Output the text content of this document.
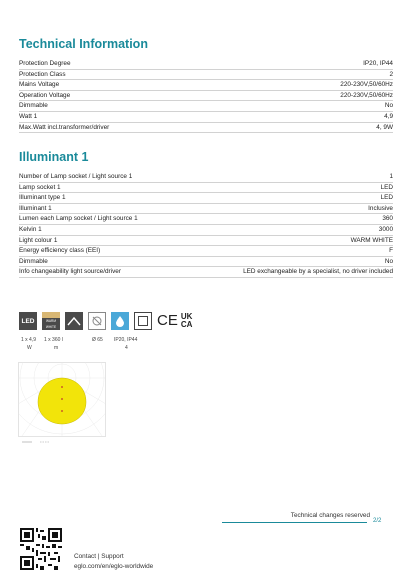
Technical Information
Protection Degree	IP20, IP44
Protection Class	2
Mains Voltage	220-230V,50/60Hz
Operation Voltage	220-230V,50/60Hz
Dimmable	No
Watt 1	4,9
Max.Watt incl.transformer/driver	4, 9W
Illuminant 1
Number of Lamp socket / Light source 1	1
Lamp socket 1	LED
Illuminant type 1	LED
Illuminant 1	Inclusive
Lumen each Lamp socket / Light source 1	360
Kelvin 1	3000
Light colour 1	WARM WHITE
Energy efficiency class (EEI)	F
Dimmable	No
Info changeability light source/driver	LED exchangeable by a specialist, no driver included
LED	WARM WHITE	CE UK CA
1 x 4,9
W
1 x 360 l
m
Ø 65 IP20, IP44
4
Technical changes reserved
2/2
Contact | Support
eglo.com/en/eglo-worldwide
